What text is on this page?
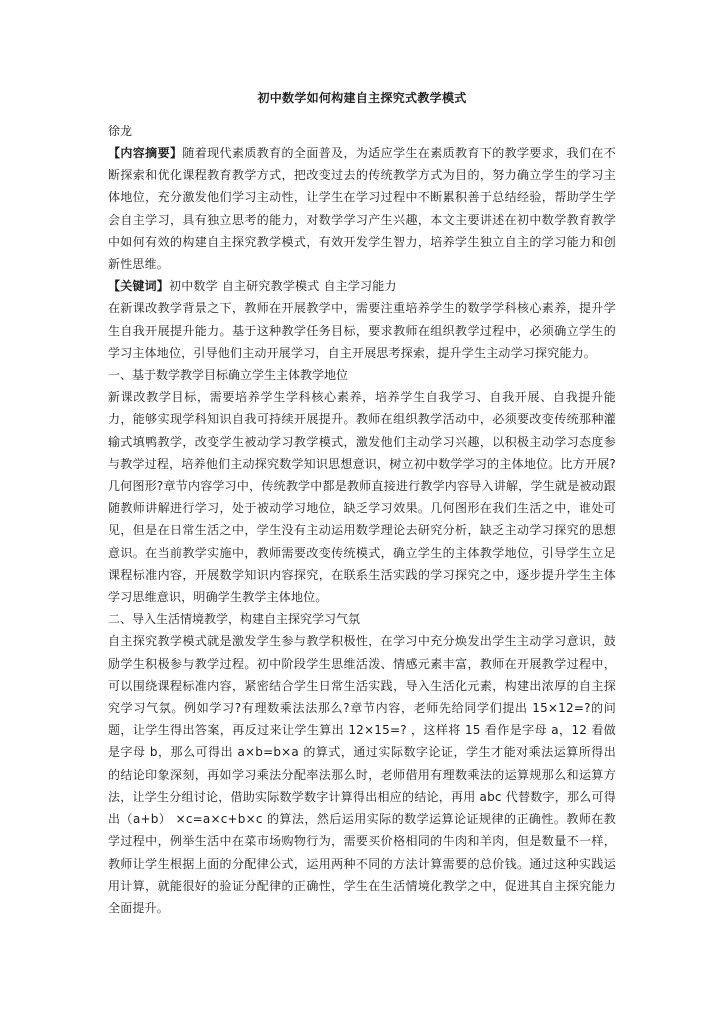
初中数学如何构建自主探究式教学模式

徐龙

【内容摘要】随着现代素质教育的全面普及，为适应学生在素质教育下的教学要求，我们在不断探索和优化课程教育教学方式，把改变过去的传统教学方式为目的，努力确立学生的学习主体地位，充分激发他们学习主动性，让学生在学习过程中不断累积善于总结经验，帮助学生学会自主学习，具有独立思考的能力，对数学学习产生兴趣，本文主要讲述在初中数学教育教学中如何有效的构建自主探究教学模式，有效开发学生智力，培养学生独立自主的学习能力和创新性思维。

【关键词】初中数学 自主研究教学模式 自主学习能力

在新课改教学背景之下，教师在开展教学中，需要注重培养学生的数学学科核心素养，提升学生自我开展提升能力。基于这种教学任务目标，要求教师在组织教学过程中，必须确立学生的学习主体地位，引导他们主动开展学习，自主开展思考探索，提升学生主动学习探究能力。

一、基于数学教学目标确立学生主体教学地位

新课改教学目标，需要培养学生学科核心素养，培养学生自我学习、自我开展、自我提升能力，能够实现学科知识自我可持续开展提升。教师在组织教学活动中，必须要改变传统那种灌输式填鸭教学，改变学生被动学习教学模式，激发他们主动学习兴趣，以积极主动学习态度参与教学过程，培养他们主动探究数学知识思想意识，树立初中数学学习的主体地位。比方开展?几何图形?章节内容学习中，传统教学中都是教师直接进行教学内容导入讲解，学生就是被动跟随教师讲解进行学习，处于被动学习地位，缺乏学习效果。几何图形在我们生活之中，谁处可见，但是在日常生活之中，学生没有主动运用数学理论去研究分析，缺乏主动学习探究的思想意识。在当前教学实施中，教师需要改变传统模式，确立学生的主体教学地位，引导学生立足课程标准内容，开展数学知识内容探究，在联系生活实践的学习探究之中，逐步提升学生主体学习思维意识，明确学生教学主体地位。

二、导入生活情境教学，构建自主探究学习气氛

自主探究教学模式就是激发学生参与教学积极性，在学习中充分焕发出学生主动学习意识，鼓励学生积极参与教学过程。初中阶段学生思维活泼、情感元素丰富，教师在开展教学过程中，可以围绕课程标准内容，紧密结合学生日常生活实践，导入生活化元素，构建出浓厚的自主探究学习气氛。例如学习?有理数乘法法那么?章节内容，老师先给同学们提出 15×12=?的问题，让学生得出答案，再反过来让学生算出 12×15=? ，这样将 15 看作是字母 a，12 看做是字母 b，那么可得出 a×b=b×a 的算式，通过实际数字论证，学生才能对乘法运算所得出的结论印象深刻，再如学习乘法分配率法那么时，老师借用有理数乘法的运算规那么和运算方法，让学生分组讨论，借助实际数学数字计算得出相应的结论，再用 abc 代替数字，那么可得出（a+b） ×c=a×c+b×c 的算法，然后运用实际的数学运算论证规律的正确性。教师在教学过程中，例举生活中在菜市场购物行为，需要买价格相同的牛肉和羊肉，但是数量不一样，教师让学生根据上面的分配律公式，运用两种不同的方法计算需要的总价钱。通过这种实践运用计算，就能很好的验证分配律的正确性，学生在生活情境化教学之中，促进其自主探究能力全面提升。
